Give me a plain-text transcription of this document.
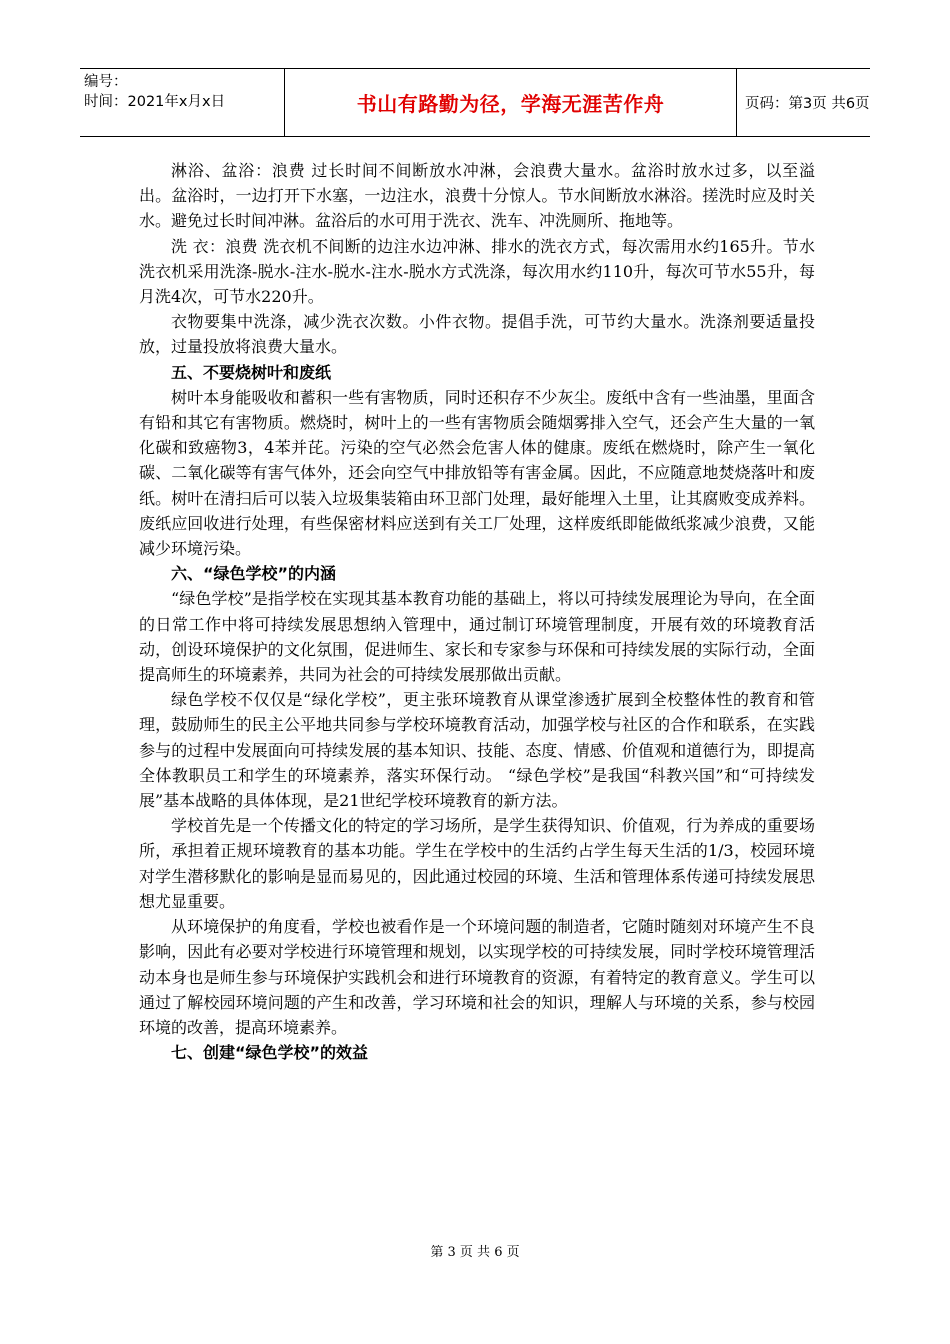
编号：
时间：2021年x月x日	书山有路勤为径，学海无涯苦作舟	页码：第3页 共6页

淋浴、盆浴：浪费 过长时间不间断放水冲淋，会浪费大量水。盆浴时放水过多，以至溢出。盆浴时，一边打开下水塞，一边注水，浪费十分惊人。节水间断放水淋浴。搓洗时应及时关水。避免过长时间冲淋。盆浴后的水可用于洗衣、洗车、冲洗厕所、拖地等。

洗 衣：浪费 洗衣机不间断的边注水边冲淋、排水的洗衣方式，每次需用水约165升。节水 洗衣机采用洗涤-脱水-注水-脱水-注水-脱水方式洗涤，每次用水约110升，每次可节水55升，每月洗4次，可节水220升。

衣物要集中洗涤，减少洗衣次数。小件衣物。提倡手洗，可节约大量水。洗涤剂要适量投放，过量投放将浪费大量水。

五、不要烧树叶和废纸

树叶本身能吸收和蓄积一些有害物质，同时还积存不少灰尘。废纸中含有一些油墨，里面含有铅和其它有害物质。燃烧时，树叶上的一些有害物质会随烟雾排入空气，还会产生大量的一氧化碳和致癌物3，4苯并芘。污染的空气必然会危害人体的健康。废纸在燃烧时，除产生一氧化碳、二氧化碳等有害气体外，还会向空气中排放铅等有害金属。因此，不应随意地焚烧落叶和废纸。树叶在清扫后可以装入垃圾集装箱由环卫部门处理，最好能埋入土里，让其腐败变成养料。废纸应回收进行处理，有些保密材料应送到有关工厂处理，这样废纸即能做纸浆减少浪费，又能减少环境污染。

六、“绿色学校”的内涵

“绿色学校”是指学校在实现其基本教育功能的基础上，将以可持续发展理论为导向，在全面的日常工作中将可持续发展思想纳入管理中，通过制订环境管理制度，开展有效的环境教育活动，创设环境保护的文化氛围，促进师生、家长和专家参与环保和可持续发展的实际行动，全面提高师生的环境素养，共同为社会的可持续发展那做出贡献。

绿色学校不仅仅是“绿化学校”，更主张环境教育从课堂渗透扩展到全校整体性的教育和管理，鼓励师生的民主公平地共同参与学校环境教育活动，加强学校与社区的合作和联系，在实践参与的过程中发展面向可持续发展的基本知识、技能、态度、情感、价值观和道德行为，即提高全体教职员工和学生的环境素养，落实环保行动。 “绿色学校”是我国“科教兴国”和“可持续发展”基本战略的具体体现，是21世纪学校环境教育的新方法。

学校首先是一个传播文化的特定的学习场所，是学生获得知识、价值观，行为养成的重要场所，承担着正规环境教育的基本功能。学生在学校中的生活约占学生每天生活的1/3，校园环境对学生潜移默化的影响是显而易见的，因此通过校园的环境、生活和管理体系传递可持续发展思想尤显重要。

从环境保护的角度看，学校也被看作是一个环境问题的制造者，它随时随刻对环境产生不良影响，因此有必要对学校进行环境管理和规划，以实现学校的可持续发展，同时学校环境管理活动本身也是师生参与环境保护实践机会和进行环境教育的资源，有着特定的教育意义。学生可以通过了解校园环境问题的产生和改善，学习环境和社会的知识，理解人与环境的关系，参与校园环境的改善，提高环境素养。

七、创建“绿色学校”的效益

第 3 页 共 6 页
